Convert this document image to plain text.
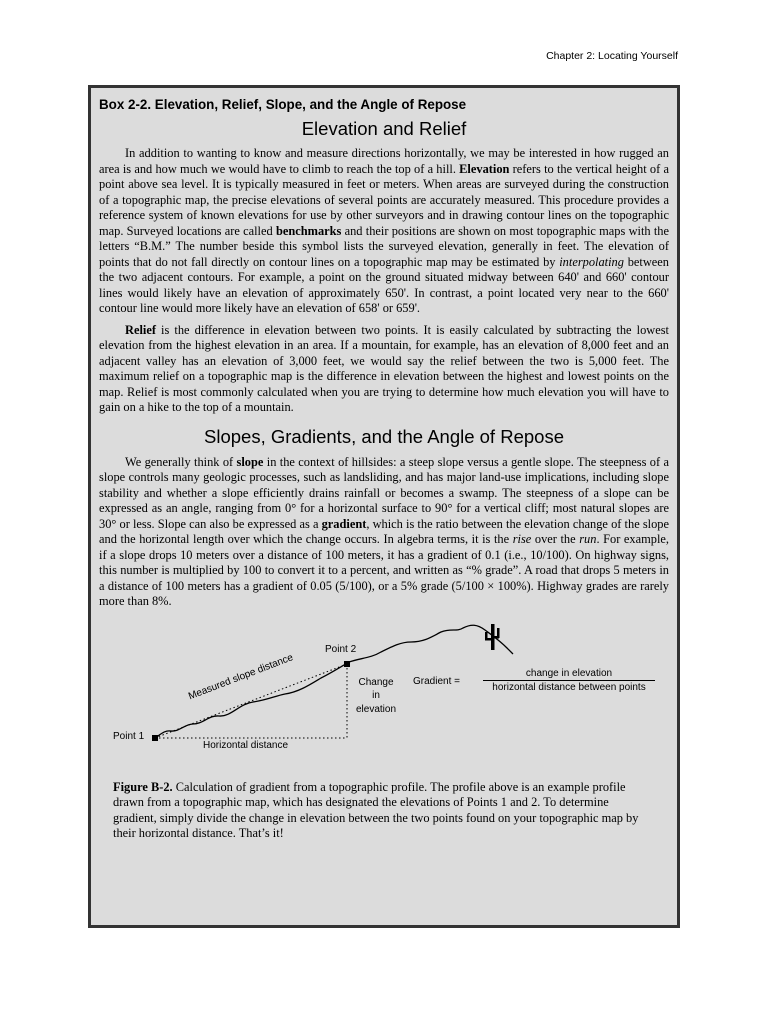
Chapter 2: Locating Yourself
Box 2-2. Elevation, Relief, Slope, and the Angle of Repose
Elevation and Relief

In addition to wanting to know and measure directions horizontally, we may be interested in how rugged an area is and how much we would have to climb to reach the top of a hill. Elevation refers to the vertical height of a point above sea level. It is typically measured in feet or meters. When areas are surveyed during the construction of a topographic map, the precise elevations of several points are accurately measured. This procedure provides a reference system of known elevations for use by other surveyors and in drawing contour lines on the topographic map. Surveyed locations are called benchmarks and their positions are shown on most topographic maps with the letters “B.M.” The number beside this symbol lists the surveyed elevation, generally in feet. The elevation of points that do not fall directly on contour lines on a topographic map may be estimated by interpolating between the two adjacent contours. For example, a point on the ground situated midway between 640' and 660' contour lines would likely have an elevation of approximately 650'. In contrast, a point located very near to the 660' contour line would more likely have an elevation of 658' or 659'.

Relief is the difference in elevation between two points. It is easily calculated by subtracting the lowest elevation from the highest elevation in an area. If a mountain, for example, has an elevation of 8,000 feet and an adjacent valley has an elevation of 3,000 feet, we would say the relief between the two is 5,000 feet. The maximum relief on a topographic map is the difference in elevation between the highest and lowest points on the map. Relief is most commonly calculated when you are trying to determine how much elevation you will have to gain on a hike to the top of a mountain.

Slopes, Gradients, and the Angle of Repose

We generally think of slope in the context of hillsides: a steep slope versus a gentle slope. The steepness of a slope controls many geologic processes, such as landsliding, and has major land-use implications, including slope stability and whether a slope efficiently drains rainfall or becomes a swamp. The steepness of a slope can be expressed as an angle, ranging from 0° for a horizontal surface to 90° for a vertical cliff; most natural slopes are 30° or less. Slope can also be expressed as a gradient, which is the ratio between the elevation change of the slope and the horizontal length over which the change occurs. In algebra terms, it is the rise over the run. For example, if a slope drops 10 meters over a distance of 100 meters, it has a gradient of 0.1 (i.e., 10/100). On highway signs, this number is multiplied by 100 to convert it to a percent, and written as “% grade”. A road that drops 5 meters in a distance of 100 meters has a gradient of 0.05 (5/100), or a 5% grade (5/100 × 100%). Highway grades are rarely more than 8%.

Point 2
Point 1
Measured slope distance
Horizontal distance
Change
in
elevation
Gradient =
change in elevation
horizontal distance between points
Figure B-2. Calculation of gradient from a topographic profile. The profile above is an example profile drawn from a topographic map, which has designated the elevations of Points 1 and 2. To determine gradient, simply divide the change in elevation between the two points found on your topographic map by their horizontal distance. That’s it!
